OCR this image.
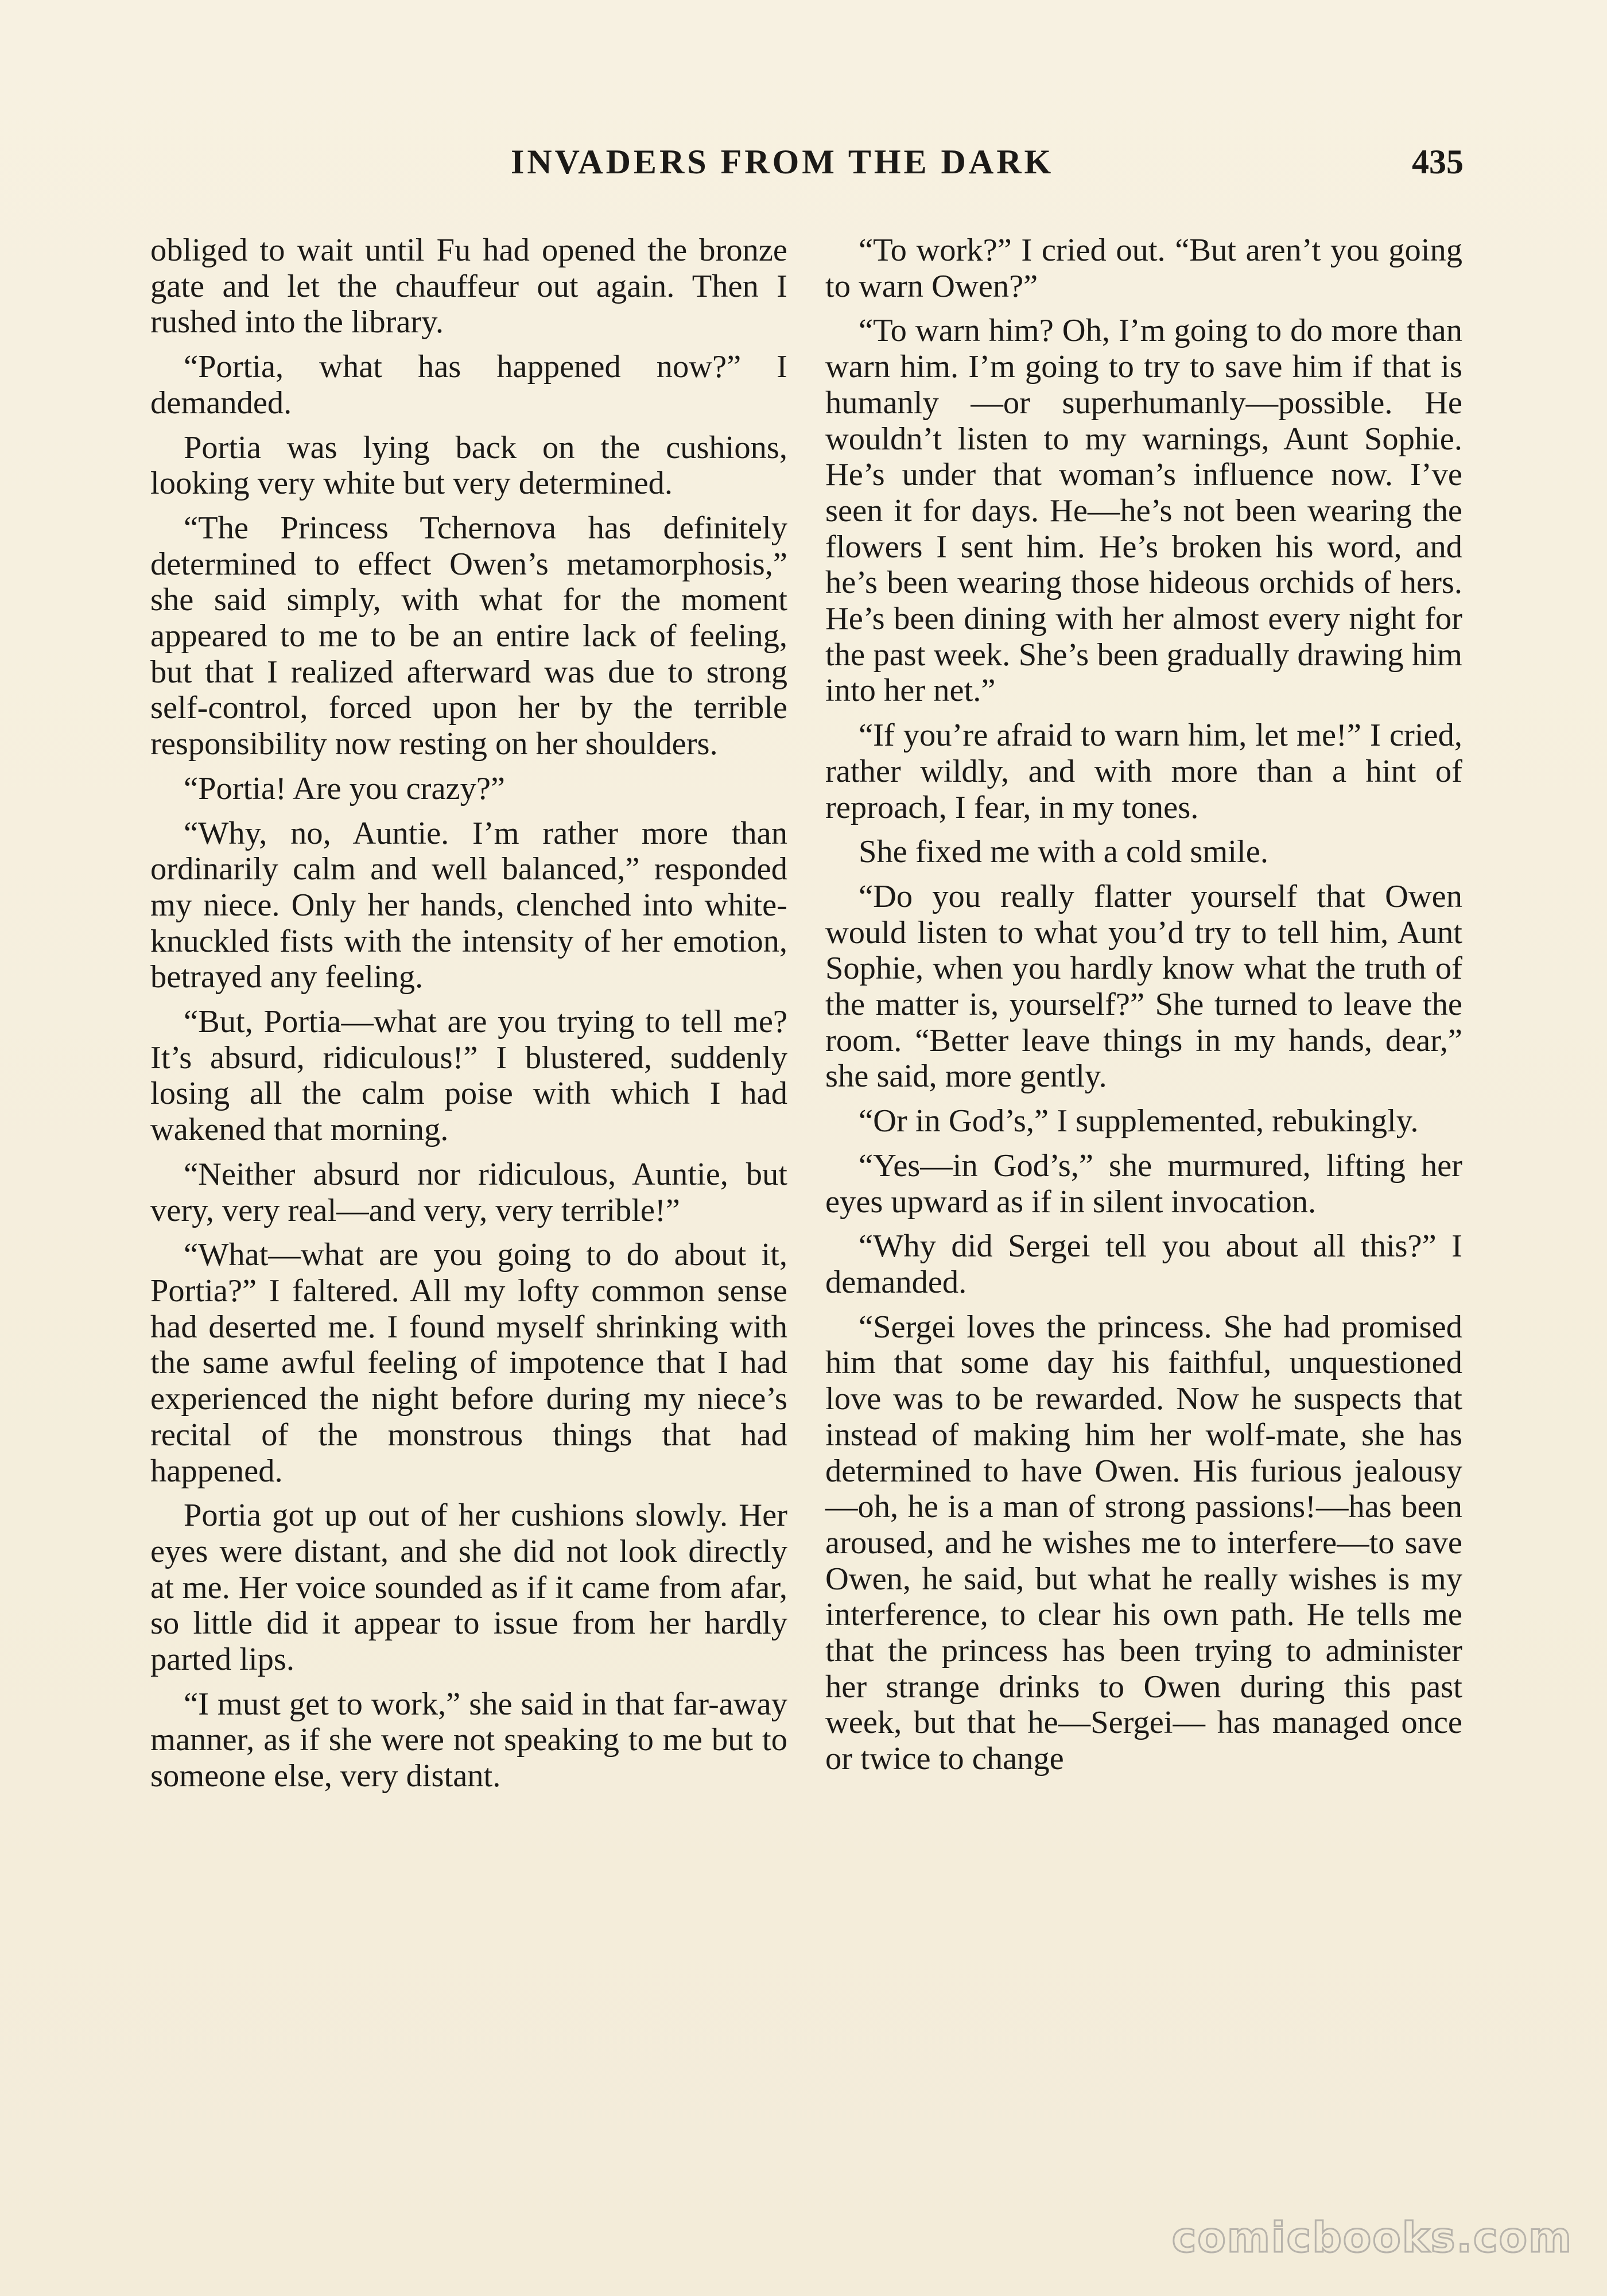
INVADERS FROM THE DARK	435

obliged to wait until Fu had opened the bronze gate and let the chauffeur out again. Then I rushed into the library.

“Portia, what has happened now?” I demanded.

Portia was lying back on the cushions, looking very white but very determined.

“The Princess Tchernova has definitely determined to effect Owen’s metamorphosis,” she said simply, with what for the moment appeared to me to be an entire lack of feeling, but that I realized afterward was due to strong self-control, forced upon her by the terrible responsibility now resting on her shoulders.

“Portia! Are you crazy?”

“Why, no, Auntie. I’m rather more than ordinarily calm and well balanced,” responded my niece. Only her hands, clenched into white-knuckled fists with the intensity of her emotion, betrayed any feeling.

“But, Portia—what are you trying to tell me? It’s absurd, ridiculous!” I blustered, suddenly losing all the calm poise with which I had wakened that morning.

“Neither absurd nor ridiculous, Auntie, but very, very real—and very, very terrible!”

“What—what are you going to do about it, Portia?” I faltered. All my lofty common sense had deserted me. I found myself shrinking with the same awful feeling of impotence that I had experienced the night before during my niece’s recital of the monstrous things that had happened.

Portia got up out of her cushions slowly. Her eyes were distant, and she did not look directly at me. Her voice sounded as if it came from afar, so little did it appear to issue from her hardly parted lips.

“I must get to work,” she said in that far-away manner, as if she were not speaking to me but to someone else, very distant.

“To work?” I cried out. “But aren’t you going to warn Owen?”

“To warn him? Oh, I’m going to do more than warn him. I’m going to try to save him if that is humanly —or superhumanly—possible. He wouldn’t listen to my warnings, Aunt Sophie. He’s under that woman’s influence now. I’ve seen it for days. He—he’s not been wearing the flowers I sent him. He’s broken his word, and he’s been wearing those hideous orchids of hers. He’s been dining with her almost every night for the past week. She’s been gradually drawing him into her net.”

“If you’re afraid to warn him, let me!” I cried, rather wildly, and with more than a hint of reproach, I fear, in my tones.

She fixed me with a cold smile.

“Do you really flatter yourself that Owen would listen to what you’d try to tell him, Aunt Sophie, when you hardly know what the truth of the matter is, yourself?” She turned to leave the room. “Better leave things in my hands, dear,” she said, more gently.

“Or in God’s,” I supplemented, rebukingly.

“Yes—in God’s,” she murmured, lifting her eyes upward as if in silent invocation.

“Why did Sergei tell you about all this?” I demanded.

“Sergei loves the princess. She had promised him that some day his faithful, unquestioned love was to be rewarded. Now he suspects that instead of making him her wolf-mate, she has determined to have Owen. His furious jealousy—oh, he is a man of strong passions!—has been aroused, and he wishes me to interfere—to save Owen, he said, but what he really wishes is my interference, to clear his own path. He tells me that the princess has been trying to administer her strange drinks to Owen during this past week, but that he—Sergei— has managed once or twice to change

comicbooks.com
